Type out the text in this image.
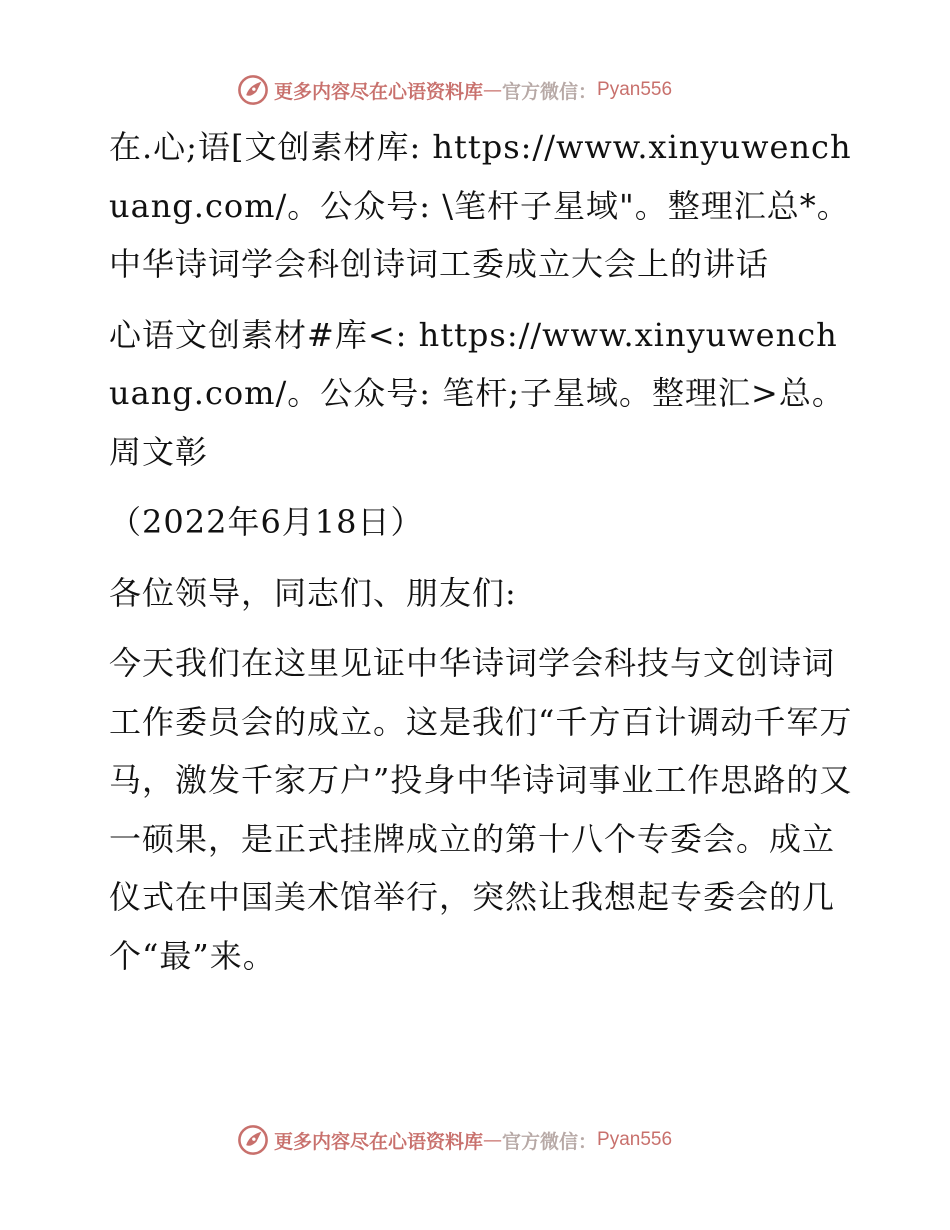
更多内容尽在心语资料库 — 官方微信： Pyan556

在.心;语[文创素材库: https://www.xinyuwenchuang.com/。公众号: \笔杆子星域"。整理汇总*。中华诗词学会科创诗词工委成立大会上的讲话

心语文创素材#库<: https://www.xinyuwenchuang.com/。公众号: 笔杆;子星域。整理汇>总。周文彰

（2022年6月18日）

各位领导，同志们、朋友们:

今天我们在这里见证中华诗词学会科技与文创诗词工作委员会的成立。这是我们“千方百计调动千军万马，激发千家万户”投身中华诗词事业工作思路的又一硕果，是正式挂牌成立的第十八个专委会。成立仪式在中国美术馆举行，突然让我想起专委会的几个“最”来。

更多内容尽在心语资料库 — 官方微信： Pyan556
